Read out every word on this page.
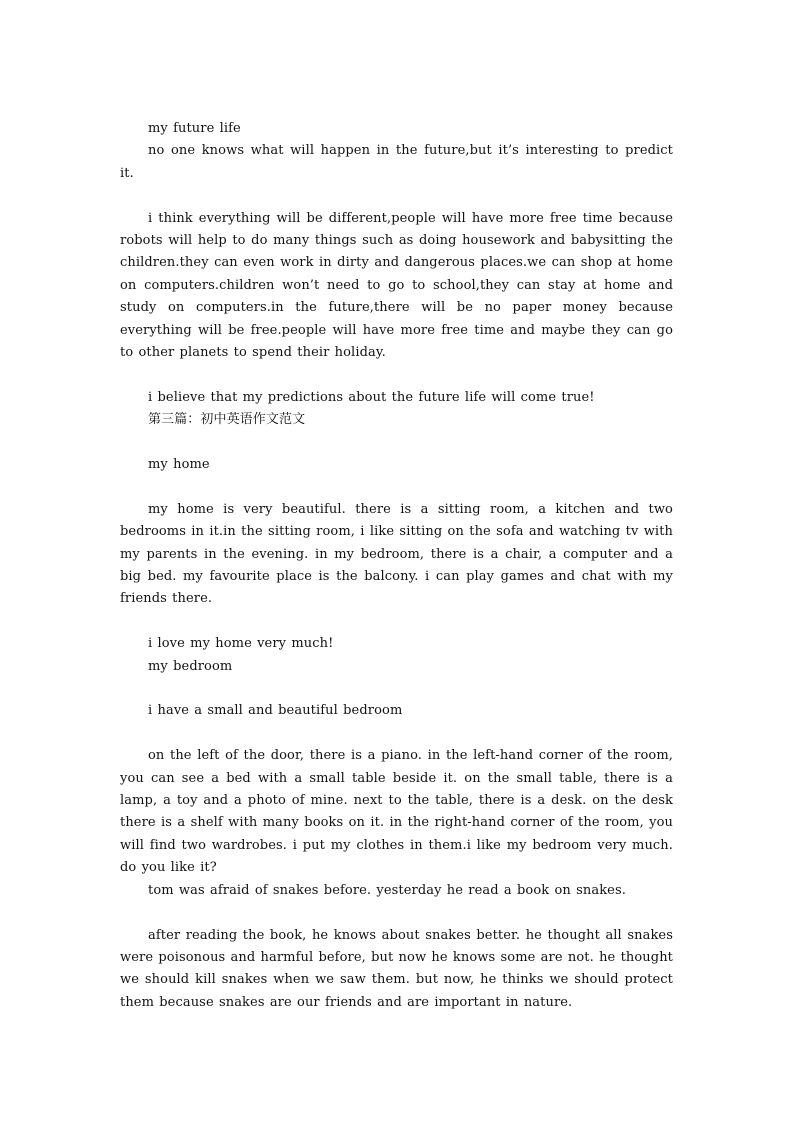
my future life

no one knows what will happen in the future,but it’s interesting to predict it.

i think everything will be different,people will have more free time because robots will help to do many things such as doing housework and babysitting the children.they can even work in dirty and dangerous places.we can shop at home on computers.children won’t need to go to school,they can stay at home and study on computers.in the future,there will be no paper money because everything will be free.people will have more free time and maybe they can go to other planets to spend their holiday.

i believe that my predictions about the future life will come true!

第三篇：初中英语作文范文

my home

my home is very beautiful. there is a sitting room, a kitchen and two bedrooms in it.in the sitting room, i like sitting on the sofa and watching tv with my parents in the evening. in my bedroom, there is a chair, a computer and a big bed. my favourite place is the balcony. i can play games and chat with my friends there.

i love my home very much!

my bedroom

i have a small and beautiful bedroom

on the left of the door, there is a piano. in the left-hand corner of the room, you can see a bed with a small table beside it. on the small table, there is a lamp, a toy and a photo of mine. next to the table, there is a desk. on the desk there is a shelf with many books on it. in the right-hand corner of the room, you will find two wardrobes. i put my clothes in them.i like my bedroom very much. do you like it?

tom was afraid of snakes before. yesterday he read a book on snakes.

after reading the book, he knows about snakes better. he thought all snakes were poisonous and harmful before, but now he knows some are not. he thought we should kill snakes when we saw them. but now, he thinks we should protect them because snakes are our friends and are important in nature.
